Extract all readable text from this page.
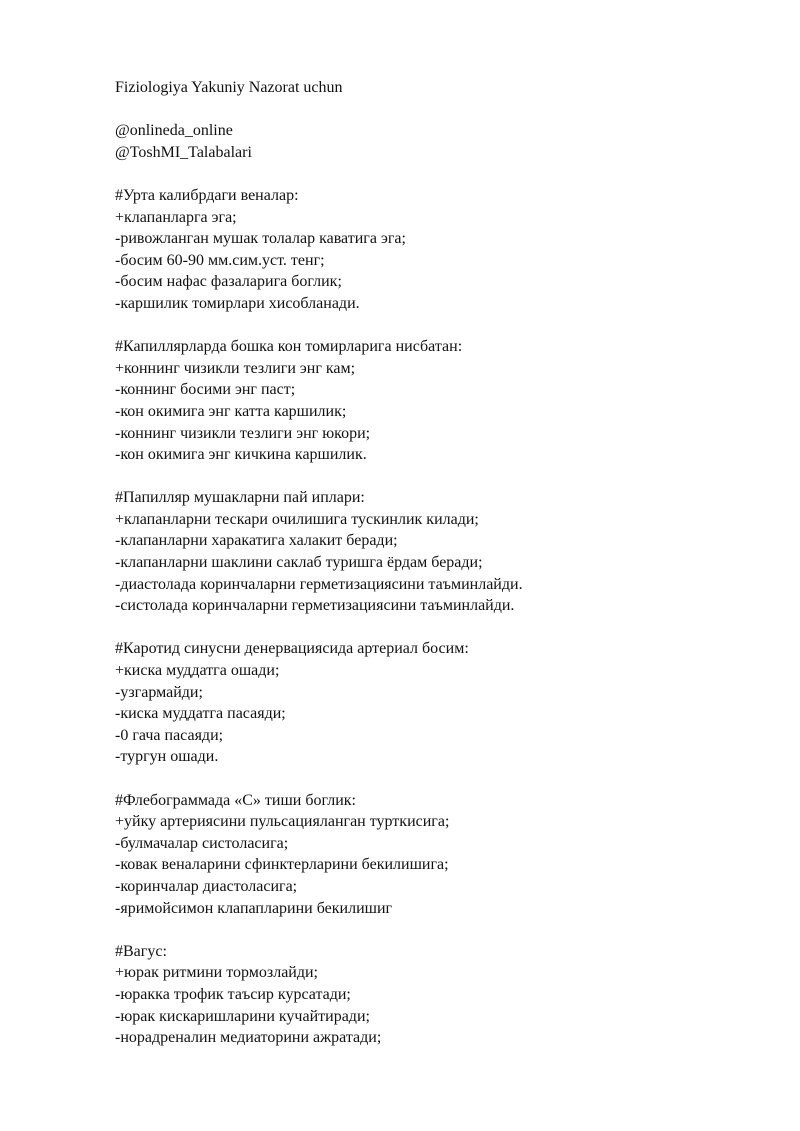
Fiziologiya Yakuniy Nazorat uchun
@onlineda_online
@ToshMI_Talabalari
#Урта калибрдаги веналар:
+клапанларга эга;
-ривожланган мушак толалар каватига эга;
-босим 60-90 мм.сим.уст. тенг;
-босим нафас фазаларига боглик;
-каршилик томирлари хисобланади.
#Капиллярларда бошка кон томирларига нисбатан:
+коннинг чизикли тезлиги энг кам;
-коннинг босими энг паст;
-кон окимига энг катта каршилик;
-коннинг чизикли тезлиги энг юкори;
-кон окимига энг кичкина каршилик.
#Папилляр мушакларни пай иплари:
+клапанларни тескари очилишига тускинлик килади;
-клапанларни харакатига халакит беради;
-клапанларни шаклини саклаб туришга ёрдам беради;
-диастолада коринчаларни герметизациясини таъминлайди.
-систолада коринчаларни герметизациясини таъминлайди.
#Каротид синусни денервациясида артериал босим:
+киска муддатга ошади;
-узгармайди;
-киска муддатга пасаяди;
-0 гача пасаяди;
-тургун ошади.
#Флебограммада «С» тиши боглик:
+уйку артериясини пульсацияланган турткисига;
-булмачалар систоласига;
-ковак веналарини сфинктерларини бекилишига;
-коринчалар диастоласига;
-яримойсимон клапапларини бекилишиг
#Вагус:
+юрак ритмини тормозлайди;
-юракка трофик таъсир курсатади;
-юрак кискаришларини кучайтиради;
-норадреналин медиаторини ажратади;
